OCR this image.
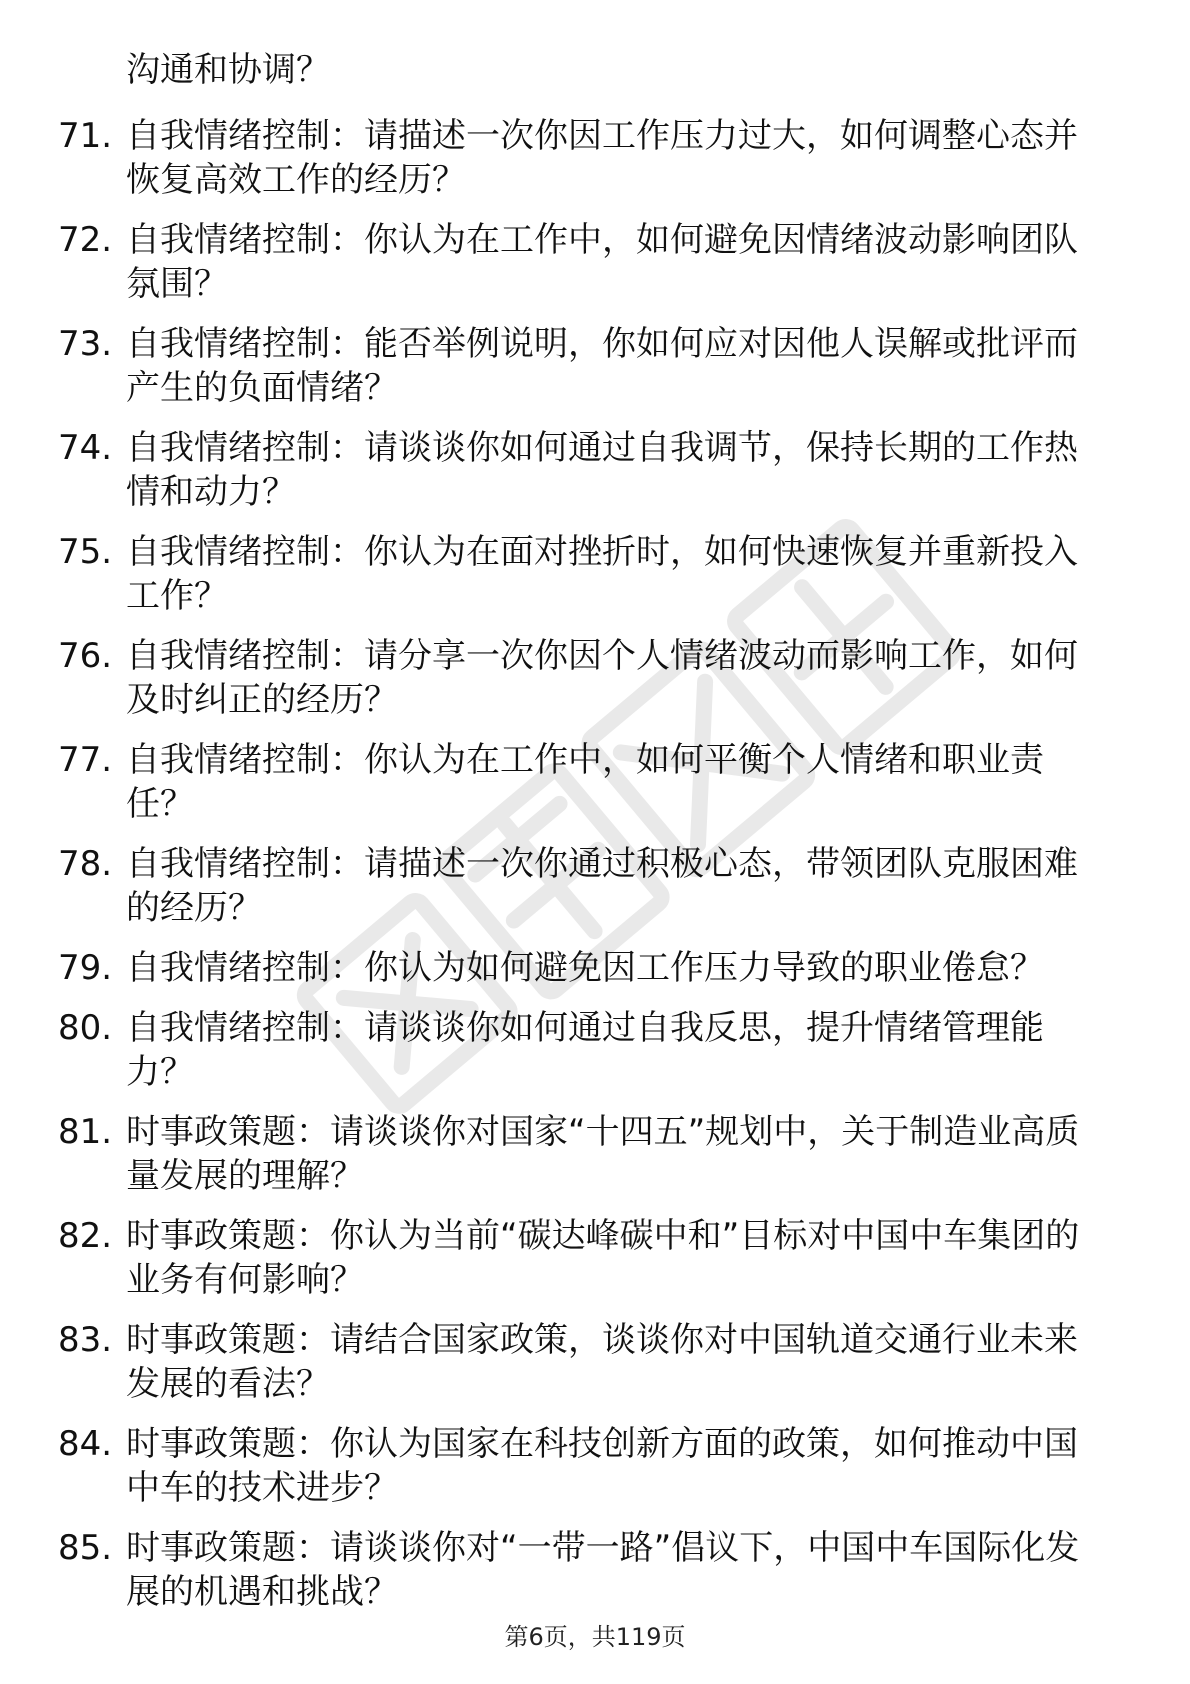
沟通和协调？
71. 自我情绪控制：请描述一次你因工作压力过大，如何调整心态并
恢复高效工作的经历？
72. 自我情绪控制：你认为在工作中，如何避免因情绪波动影响团队
氛围？
73. 自我情绪控制：能否举例说明，你如何应对因他人误解或批评而
产生的负面情绪？
74. 自我情绪控制：请谈谈你如何通过自我调节，保持长期的工作热
情和动力？
75. 自我情绪控制：你认为在面对挫折时，如何快速恢复并重新投入
工作？
76. 自我情绪控制：请分享一次你因个人情绪波动而影响工作，如何
及时纠正的经历？
77. 自我情绪控制：你认为在工作中，如何平衡个人情绪和职业责
任？
78. 自我情绪控制：请描述一次你通过积极心态，带领团队克服困难
的经历？
79. 自我情绪控制：你认为如何避免因工作压力导致的职业倦怠？
80. 自我情绪控制：请谈谈你如何通过自我反思，提升情绪管理能
力？
81. 时事政策题：请谈谈你对国家“十四五”规划中，关于制造业高质
量发展的理解？
82. 时事政策题：你认为当前“碳达峰碳中和”目标对中国中车集团的
业务有何影响？
83. 时事政策题：请结合国家政策，谈谈你对中国轨道交通行业未来
发展的看法？
84. 时事政策题：你认为国家在科技创新方面的政策，如何推动中国
中车的技术进步？
85. 时事政策题：请谈谈你对“一带一路”倡议下，中国中车国际化发
展的机遇和挑战？
第6页，共119页
